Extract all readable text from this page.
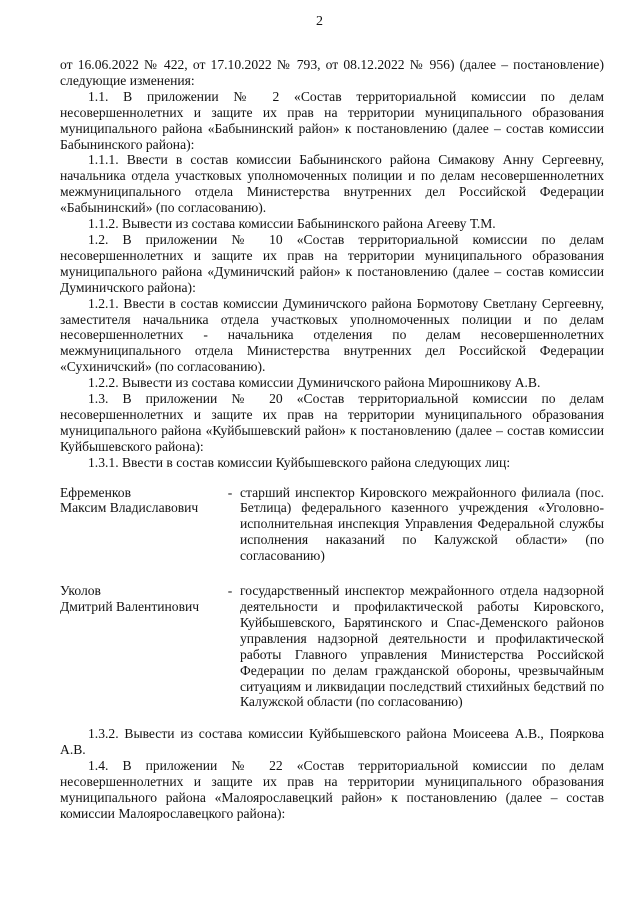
2

от 16.06.2022 № 422, от 17.10.2022 № 793, от 08.12.2022 № 956) (далее – постановление) следующие изменения:

1.1. В приложении № 2 «Состав территориальной комиссии по делам несовершеннолетних и защите их прав на территории муниципального образования муниципального района «Бабынинский район» к постановлению (далее – состав комиссии Бабынинского района):

1.1.1. Ввести в состав комиссии Бабынинского района Симакову Анну Сергеевну, начальника отдела участковых уполномоченных полиции и по делам несовершеннолетних межмуниципального отдела Министерства внутренних дел Российской Федерации «Бабынинский» (по согласованию).

1.1.2. Вывести из состава комиссии Бабынинского района Агееву Т.М.

1.2. В приложении № 10 «Состав территориальной комиссии по делам несовершеннолетних и защите их прав на территории муниципального образования муниципального района «Думиничский район» к постановлению (далее – состав комиссии Думиничского района):

1.2.1. Ввести в состав комиссии Думиничского района Бормотову Светлану Сергеевну, заместителя начальника отдела участковых уполномоченных полиции и по делам несовершеннолетних - начальника отделения по делам несовершеннолетних межмуниципального отдела Министерства внутренних дел Российской Федерации «Сухиничский» (по согласованию).

1.2.2. Вывести из состава комиссии Думиничского района Мирошникову А.В.

1.3. В приложении № 20 «Состав территориальной комиссии по делам несовершеннолетних и защите их прав на территории муниципального образования муниципального района «Куйбышевский район» к постановлению (далее – состав комиссии Куйбышевского района):

1.3.1. Ввести в состав комиссии Куйбышевского района следующих лиц:

Ефременков
Максим Владиславович
- старший инспектор Кировского межрайонного филиала (пос. Бетлица) федерального казенного учреждения «Уголовно-исполнительная инспекция Управления Федеральной службы исполнения наказаний по Калужской области» (по согласованию)
Уколов
Дмитрий Валентинович
- государственный инспектор межрайонного отдела надзорной деятельности и профилактической работы Кировского, Куйбышевского, Барятинского и Спас-Деменского районов управления надзорной деятельности и профилактической работы Главного управления Министерства Российской Федерации по делам гражданской обороны, чрезвычайным ситуациям и ликвидации последствий стихийных бедствий по Калужской области (по согласованию)

1.3.2. Вывести из состава комиссии Куйбышевского района Моисеева А.В., Пояркова А.В.

1.4. В приложении № 22 «Состав территориальной комиссии по делам несовершеннолетних и защите их прав на территории муниципального образования муниципального района «Малоярославецкий район» к постановлению (далее – состав комиссии Малоярославецкого района):
